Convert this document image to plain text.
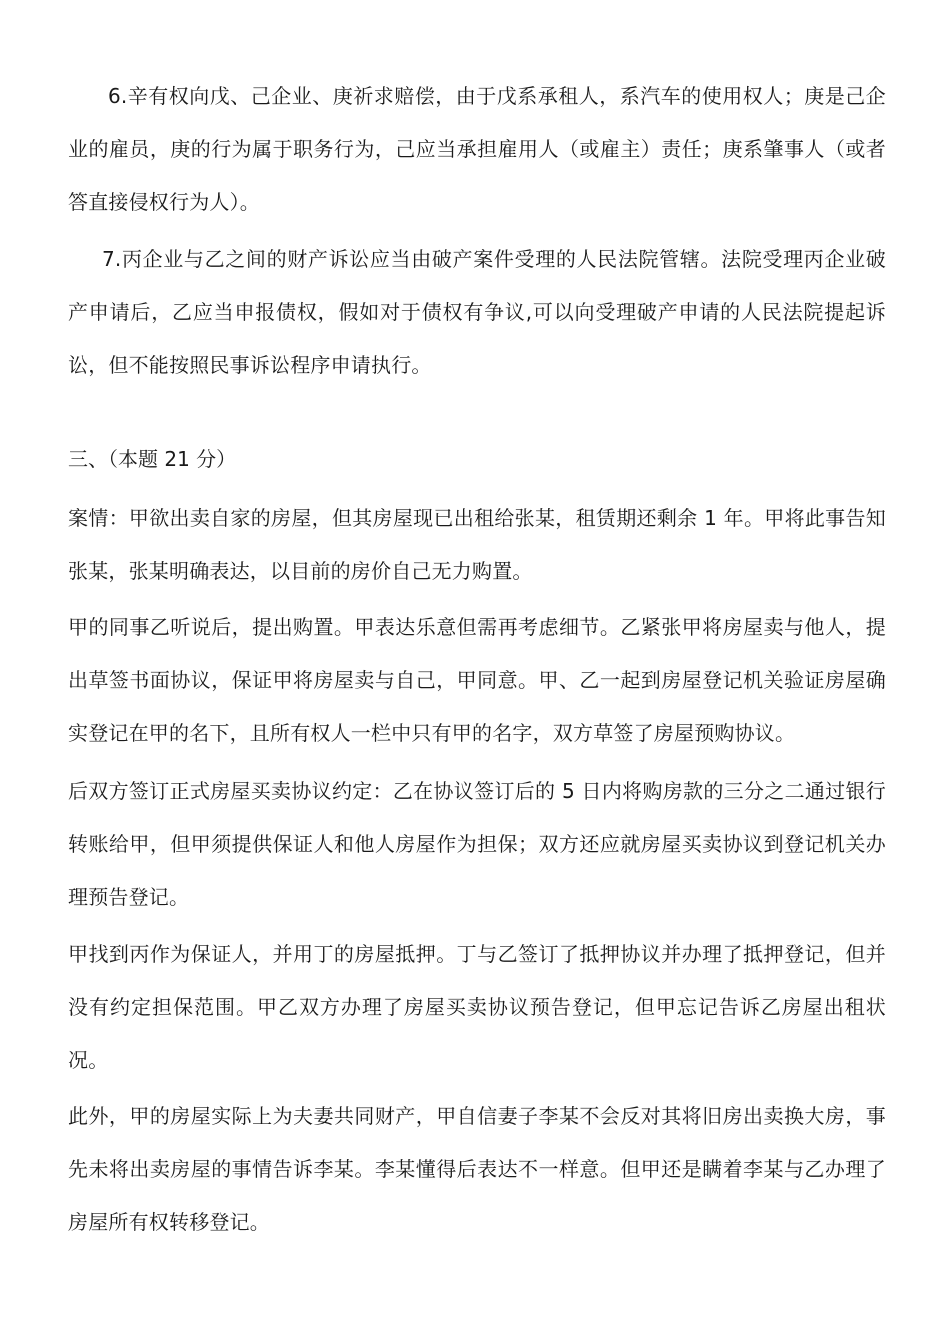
6.辛有权向戊、己企业、庚祈求赔偿，由于戊系承租人，系汽车的使用权人；庚是己企业的雇员，庚的行为属于职务行为，己应当承担雇用人（或雇主）责任；庚系肇事人（或者答直接侵权行为人）。

7.丙企业与乙之间的财产诉讼应当由破产案件受理的人民法院管辖。法院受理丙企业破产申请后，乙应当申报债权，假如对于债权有争议,可以向受理破产申请的人民法院提起诉讼，但不能按照民事诉讼程序申请执行。

三、（本题 21 分）

案情：甲欲出卖自家的房屋，但其房屋现已出租给张某，租赁期还剩余 1 年。甲将此事告知张某，张某明确表达，以目前的房价自己无力购置。

甲的同事乙听说后，提出购置。甲表达乐意但需再考虑细节。乙紧张甲将房屋卖与他人，提出草签书面协议，保证甲将房屋卖与自己，甲同意。甲、乙一起到房屋登记机关验证房屋确实登记在甲的名下，且所有权人一栏中只有甲的名字，双方草签了房屋预购协议。

后双方签订正式房屋买卖协议约定：乙在协议签订后的 5 日内将购房款的三分之二通过银行转账给甲，但甲须提供保证人和他人房屋作为担保；双方还应就房屋买卖协议到登记机关办理预告登记。

甲找到丙作为保证人，并用丁的房屋抵押。丁与乙签订了抵押协议并办理了抵押登记，但并没有约定担保范围。甲乙双方办理了房屋买卖协议预告登记，但甲忘记告诉乙房屋出租状况。

此外，甲的房屋实际上为夫妻共同财产，甲自信妻子李某不会反对其将旧房出卖换大房，事先未将出卖房屋的事情告诉李某。李某懂得后表达不一样意。但甲还是瞒着李某与乙办理了房屋所有权转移登记。
